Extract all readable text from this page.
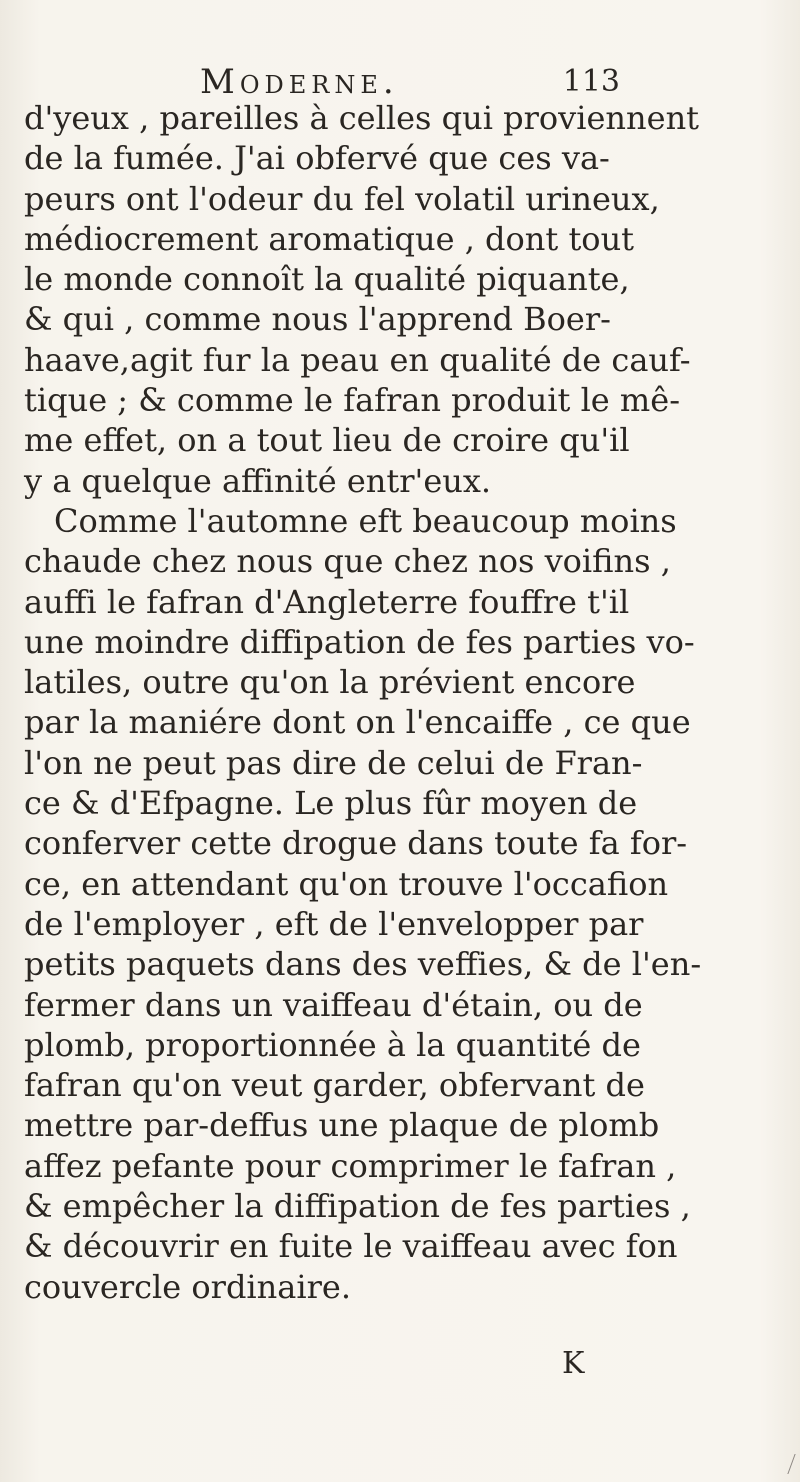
Moderne.	113
d'yeux , pareilles à celles qui proviennent
de la fumée. J'ai obfervé que ces va-
peurs ont l'odeur du fel volatil urineux,
médiocrement aromatique , dont tout
le monde connoît la qualité piquante,
& qui , comme nous l'apprend Boer-
haave,agit fur la peau en qualité de cauf-
tique ; & comme le fafran produit le mê-
me effet, on a tout lieu de croire qu'il
y a quelque affinité entr'eux.
Comme l'automne eft beaucoup moins
chaude chez nous que chez nos voifins ,
auffi le fafran d'Angleterre fouffre t'il
une moindre diffipation de fes parties vo-
latiles, outre qu'on la prévient encore
par la maniére dont on l'encaiffe , ce que
l'on ne peut pas dire de celui de Fran-
ce & d'Efpagne. Le plus fûr moyen de
conferver cette drogue dans toute fa for-
ce, en attendant qu'on trouve l'occafion
de l'employer , eft de l'envelopper par
petits paquets dans des veffies, & de l'en-
fermer dans un vaiffeau d'étain, ou de
plomb, proportionnée à la quantité de
fafran qu'on veut garder, obfervant de
mettre par-deffus une plaque de plomb
affez pefante pour comprimer le fafran ,
& empêcher la diffipation de fes parties ,
& découvrir en fuite le vaiffeau avec fon
couvercle ordinaire.
K
